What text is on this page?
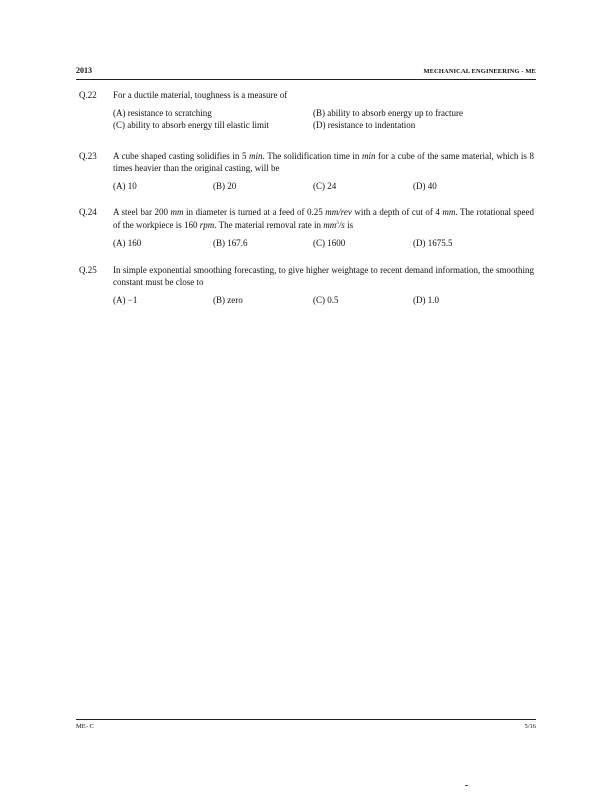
2013	MECHANICAL ENGINEERING - ME
Q.22	For a ductile material, toughness is a measure of
(A) resistance to scratching	(B) ability to absorb energy up to fracture
(C) ability to absorb energy till elastic limit	(D) resistance to indentation
Q.23	A cube shaped casting solidifies in 5 min. The solidification time in min for a cube of the same material, which is 8 times heavier than the original casting, will be
(A) 10	(B) 20	(C) 24	(D) 40
Q.24	A steel bar 200 mm in diameter is turned at a feed of 0.25 mm/rev with a depth of cut of 4 mm. The rotational speed of the workpiece is 160 rpm. The material removal rate in $mm^3/s$ is
(A) 160	(B) 167.6	(C) 1600	(D) 1675.5
Q.25	In simple exponential smoothing forecasting, to give higher weightage to recent demand information, the smoothing constant must be close to
(A) −1	(B) zero	(C) 0.5	(D) 1.0
ME- C	5/16
